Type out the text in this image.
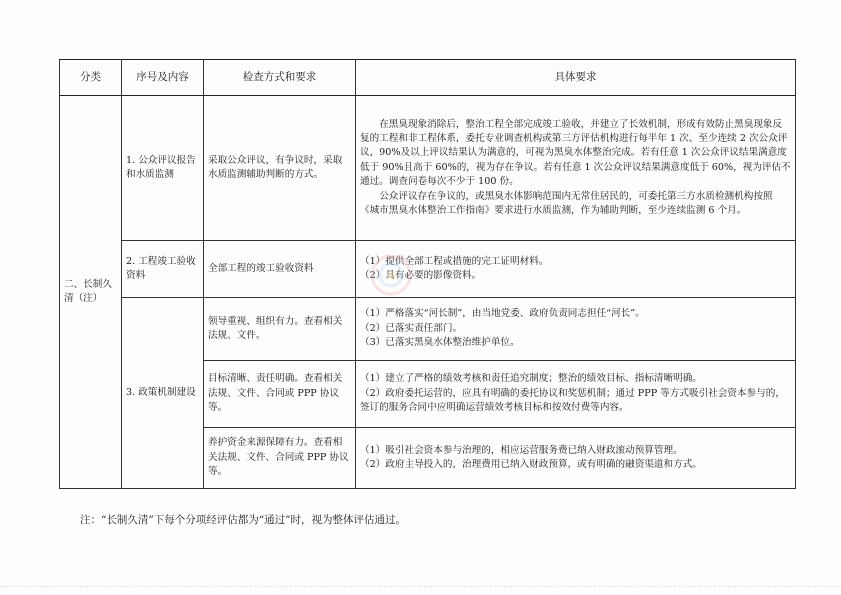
分类	序号及内容	检查方式和要求	具体要求
二、长制久清（注）	1. 公众评议报告和水质监测	采取公众评议，有争议时，采取水质监测辅助判断的方式。	在黑臭现象消除后，整治工程全部完成竣工验收，并建立了长效机制，形成有效防止黑臭现象反复的工程和非工程体系，委托专业调查机构或第三方评估机构进行每半年 1 次、至少连续 2 次公众评议，90%及以上评议结果认为满意的，可视为黑臭水体整治完成。若有任意 1 次公众评议结果满意度低于 90%且高于 60%的，视为存在争议。若有任意 1 次公众评议结果满意度低于 60%，视为评估不通过。调查问卷每次不少于 100 份。

公众评议存在争议的，或黑臭水体影响范围内无常住居民的，可委托第三方水质检测机构按照《城市黑臭水体整治工作指南》要求进行水质监测，作为辅助判断，至少连续监测 6 个月。

	2. 工程竣工验收资料	全部工程的竣工验收资料	（1）提供全部工程或措施的完工证明材料。

（2）具有必要的影像资料。

	3. 政策机制建设	领导重视、组织有力。查看相关法规、文件。	（1）严格落实“河长制”，由当地党委、政府负责同志担任“河长”。

（2）已落实责任部门。

（3）已落实黑臭水体整治维护单位。

		目标清晰、责任明确。查看相关法规、文件、合同或 PPP 协议等。	（1）建立了严格的绩效考核和责任追究制度；整治的绩效目标、指标清晰明确。

（2）政府委托运营的，应具有明确的委托协议和奖惩机制；通过 PPP 等方式吸引社会资本参与的，签订的服务合同中应明确运营绩效考核目标和按效付费等内容。

		养护资金来源保障有力。查看相关法规、文件、合同或 PPP 协议等。	（1）吸引社会资本参与治理的，相应运营服务费已纳入财政滚动预算管理。

（2）政府主导投入的，治理费用已纳入财政预算，或有明确的融资渠道和方式。

注：“长制久清”下每个分项经评估都为“通过”时，视为整体评估通过。
